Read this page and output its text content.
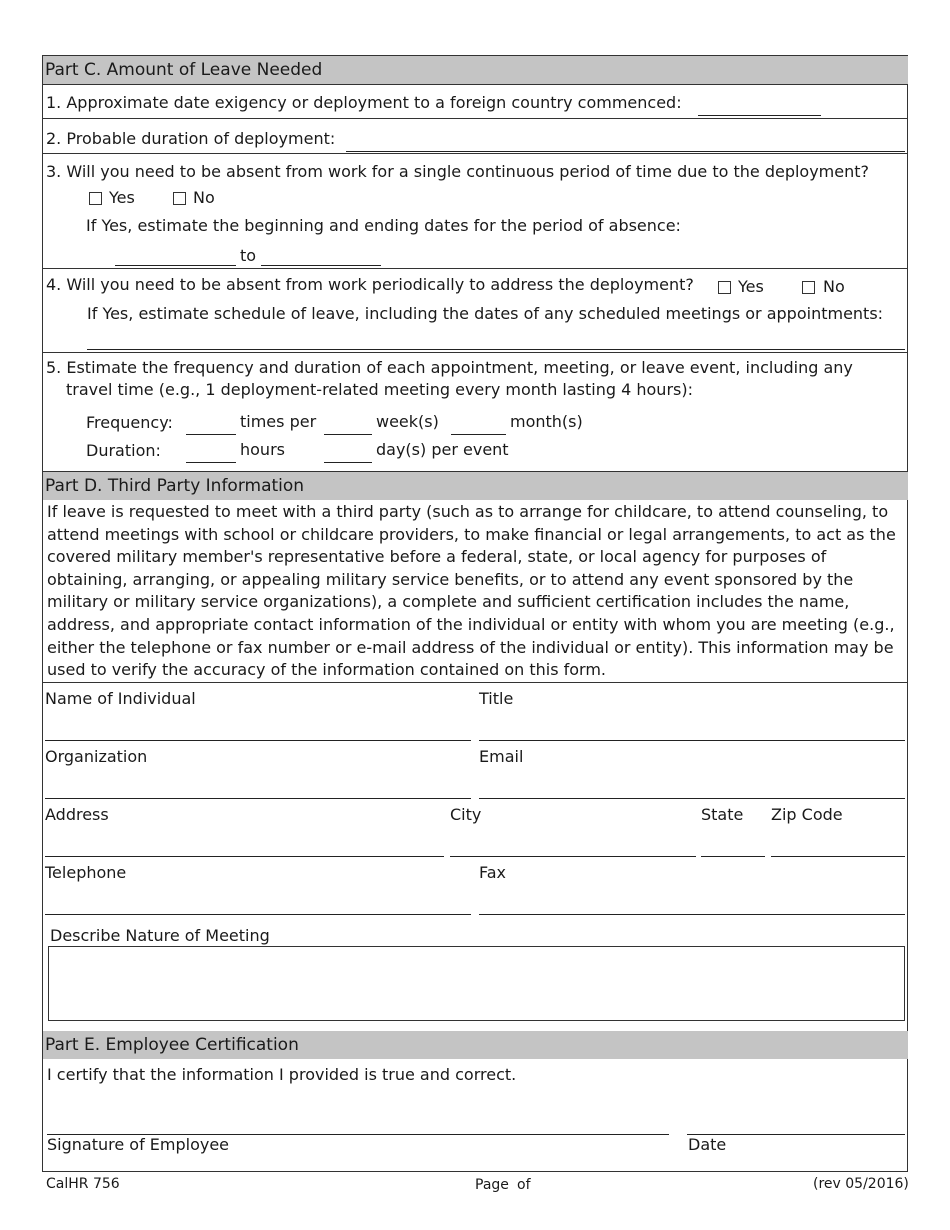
Part C. Amount of Leave Needed
1. Approximate date exigency or deployment to a foreign country commenced:
2. Probable duration of deployment:
3. Will you need to be absent from work for a single continuous period of time due to the deployment?
Yes	No
If Yes, estimate the beginning and ending dates for the period of absence:
to
4. Will you need to be absent from work periodically to address the deployment?	Yes	No
If Yes, estimate schedule of leave, including the dates of any scheduled meetings or appointments:
5. Estimate the frequency and duration of each appointment, meeting, or leave event, including any
travel time (e.g., 1 deployment-related meeting every month lasting 4 hours):
Frequency:	times per	week(s)	month(s)
Duration:	hours	day(s) per event
Part D. Third Party Information
If leave is requested to meet with a third party (such as to arrange for childcare, to attend counseling, to attend meetings with school or childcare providers, to make financial or legal arrangements, to act as the covered military member's representative before a federal, state, or local agency for purposes of obtaining, arranging, or appealing military service benefits, or to attend any event sponsored by the military or military service organizations), a complete and sufficient certification includes the name, address, and appropriate contact information of the individual or entity with whom you are meeting (e.g., either the telephone or fax number or e-mail address of the individual or entity). This information may be used to verify the accuracy of the information contained on this form.
Name of Individual	Title
Organization	Email
Address	City	State Zip Code
Telephone	Fax
Describe Nature of Meeting
Part E. Employee Certification
I certify that the information I provided is true and correct.
Signature of Employee	Date
CalHR 756	Page of	(rev 05/2016)
